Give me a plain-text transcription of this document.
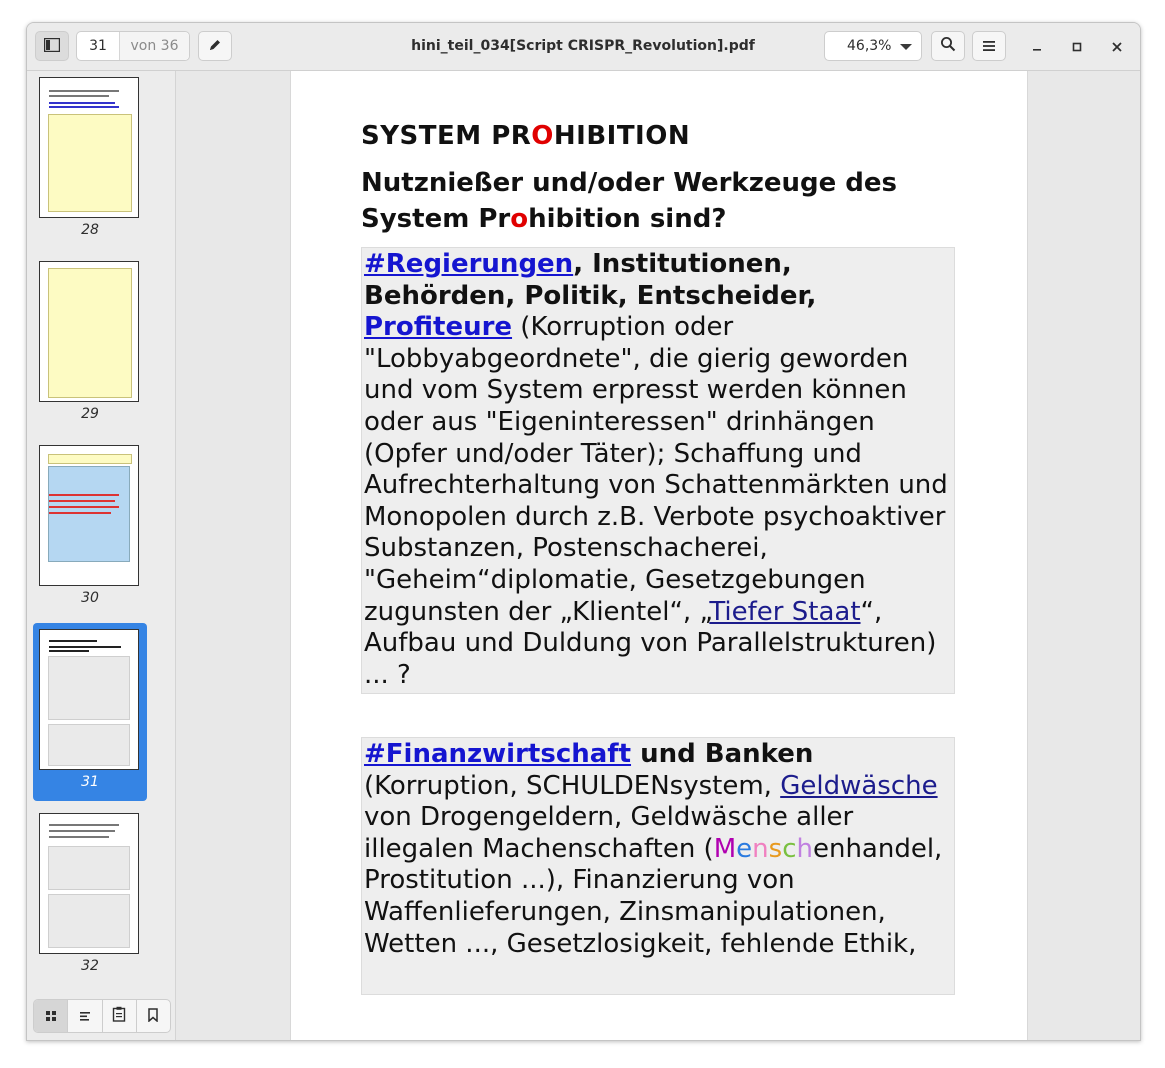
31	von 36	hini_teil_034[Script CRISPR_Revolution].pdf	46,3%
28
29
30
31
32
SYSTEM PROHIBITION
Nutznießer und/oder Werkzeuge des
System Prohibition sind?
#Regierungen, Institutionen, Behörden, Politik, Entscheider, Profiteure (Korruption oder "Lobbyabgeordnete", die gierig geworden und vom System erpresst werden können oder aus "Eigeninteressen" drinhängen (Opfer und/oder Täter); Schaffung und Aufrechterhaltung von Schattenmärkten und Monopolen durch z.B. Verbote psychoaktiver Substanzen, Postenschacherei, "Geheim“diplomatie, Gesetzgebungen zugunsten der „Klientel“, „Tiefer Staat“, Aufbau und Duldung von Parallelstrukturen) ... ?
#Finanzwirtschaft und Banken (Korruption, SCHULDENsystem, Geldwäsche von Drogengeldern, Geldwäsche aller illegalen Machenschaften (Menschenhandel, Prostitution ...), Finanzierung von Waffenlieferungen, Zinsmanipulationen, Wetten ..., Gesetzlosigkeit, fehlende Ethik,
